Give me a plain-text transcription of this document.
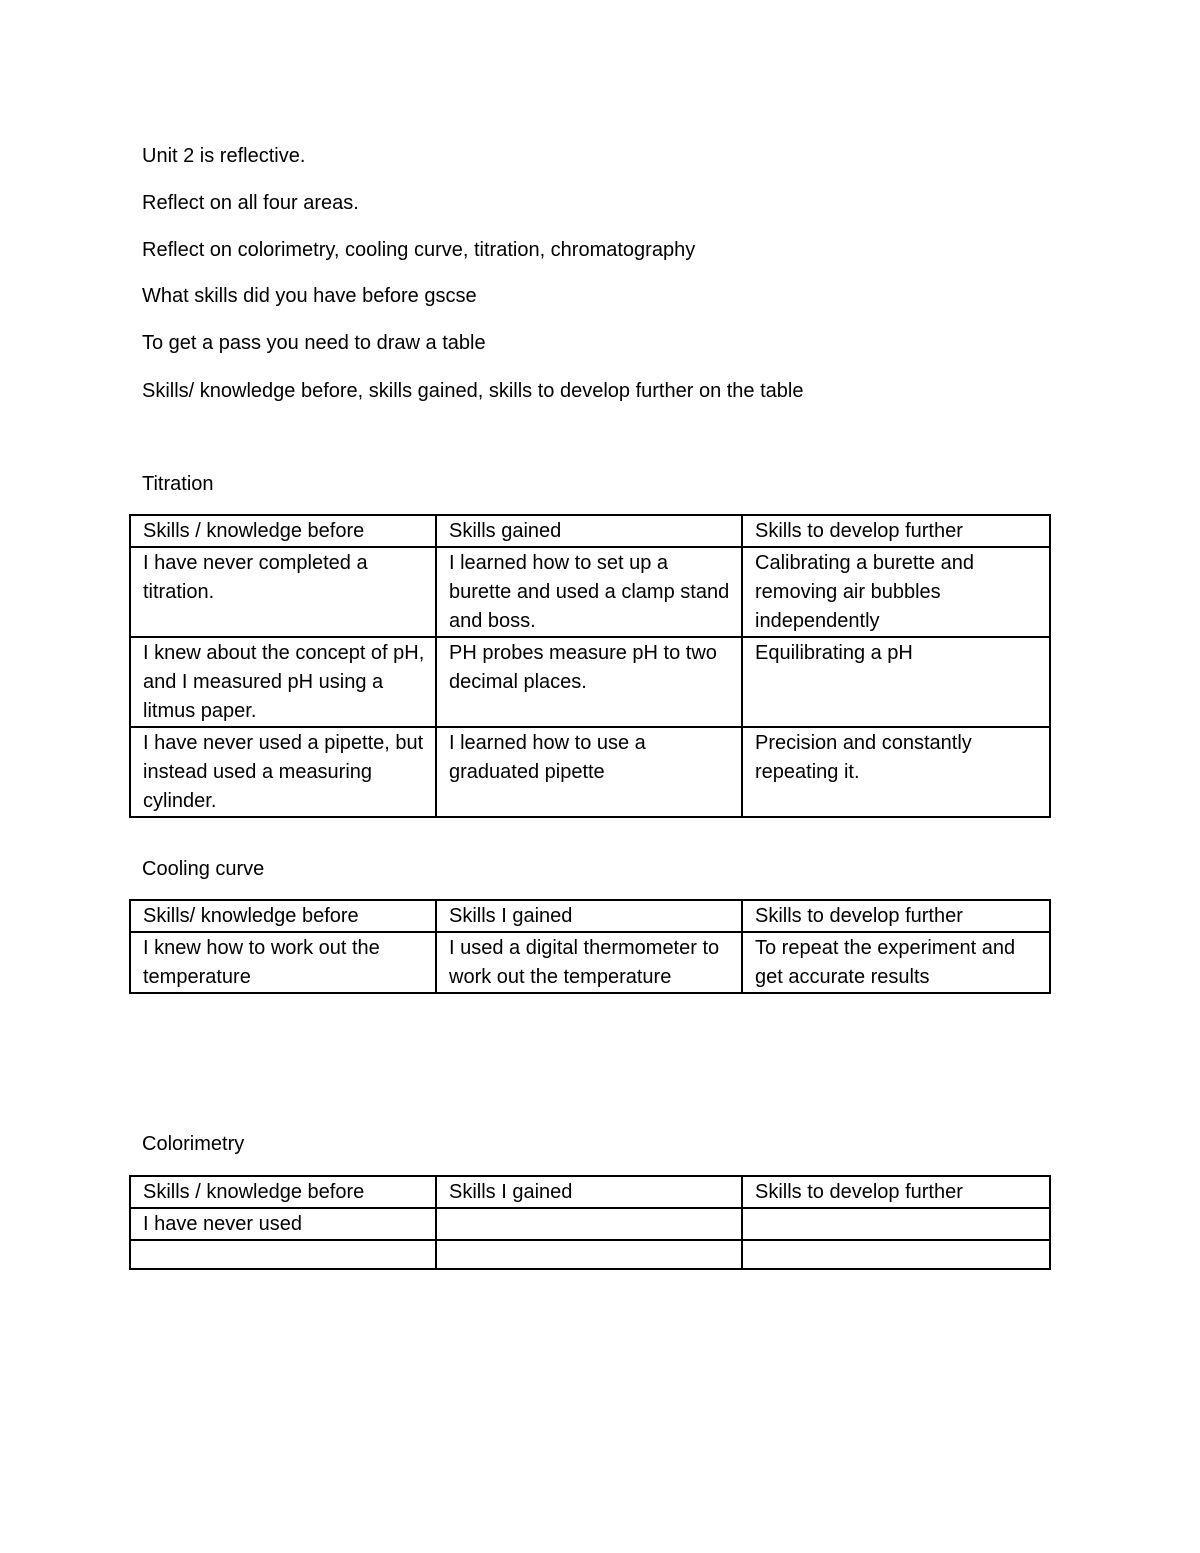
Unit 2 is reflective.
Reflect on all four areas.
Reflect on colorimetry, cooling curve, titration, chromatography
What skills did you have before gscse
To get a pass you need to draw a table
Skills/ knowledge before, skills gained, skills to develop further on the table
Titration
Skills / knowledge before	Skills gained	Skills to develop further
I have never completed a titration.	I learned how to set up a burette and used a clamp stand and boss.	Calibrating a burette and removing air bubbles independently
I knew about the concept of pH, and I measured pH using a litmus paper.	PH probes measure pH to two decimal places.	Equilibrating a pH
I have never used a pipette, but instead used a measuring cylinder.	I learned how to use a graduated pipette	Precision and constantly repeating it.
Cooling curve
Skills/ knowledge before	Skills I gained	Skills to develop further
I knew how to work out the temperature	I used a digital thermometer to work out the temperature	To repeat the experiment and get accurate results
Colorimetry
Skills / knowledge before	Skills I gained	Skills to develop further
I have never used		
